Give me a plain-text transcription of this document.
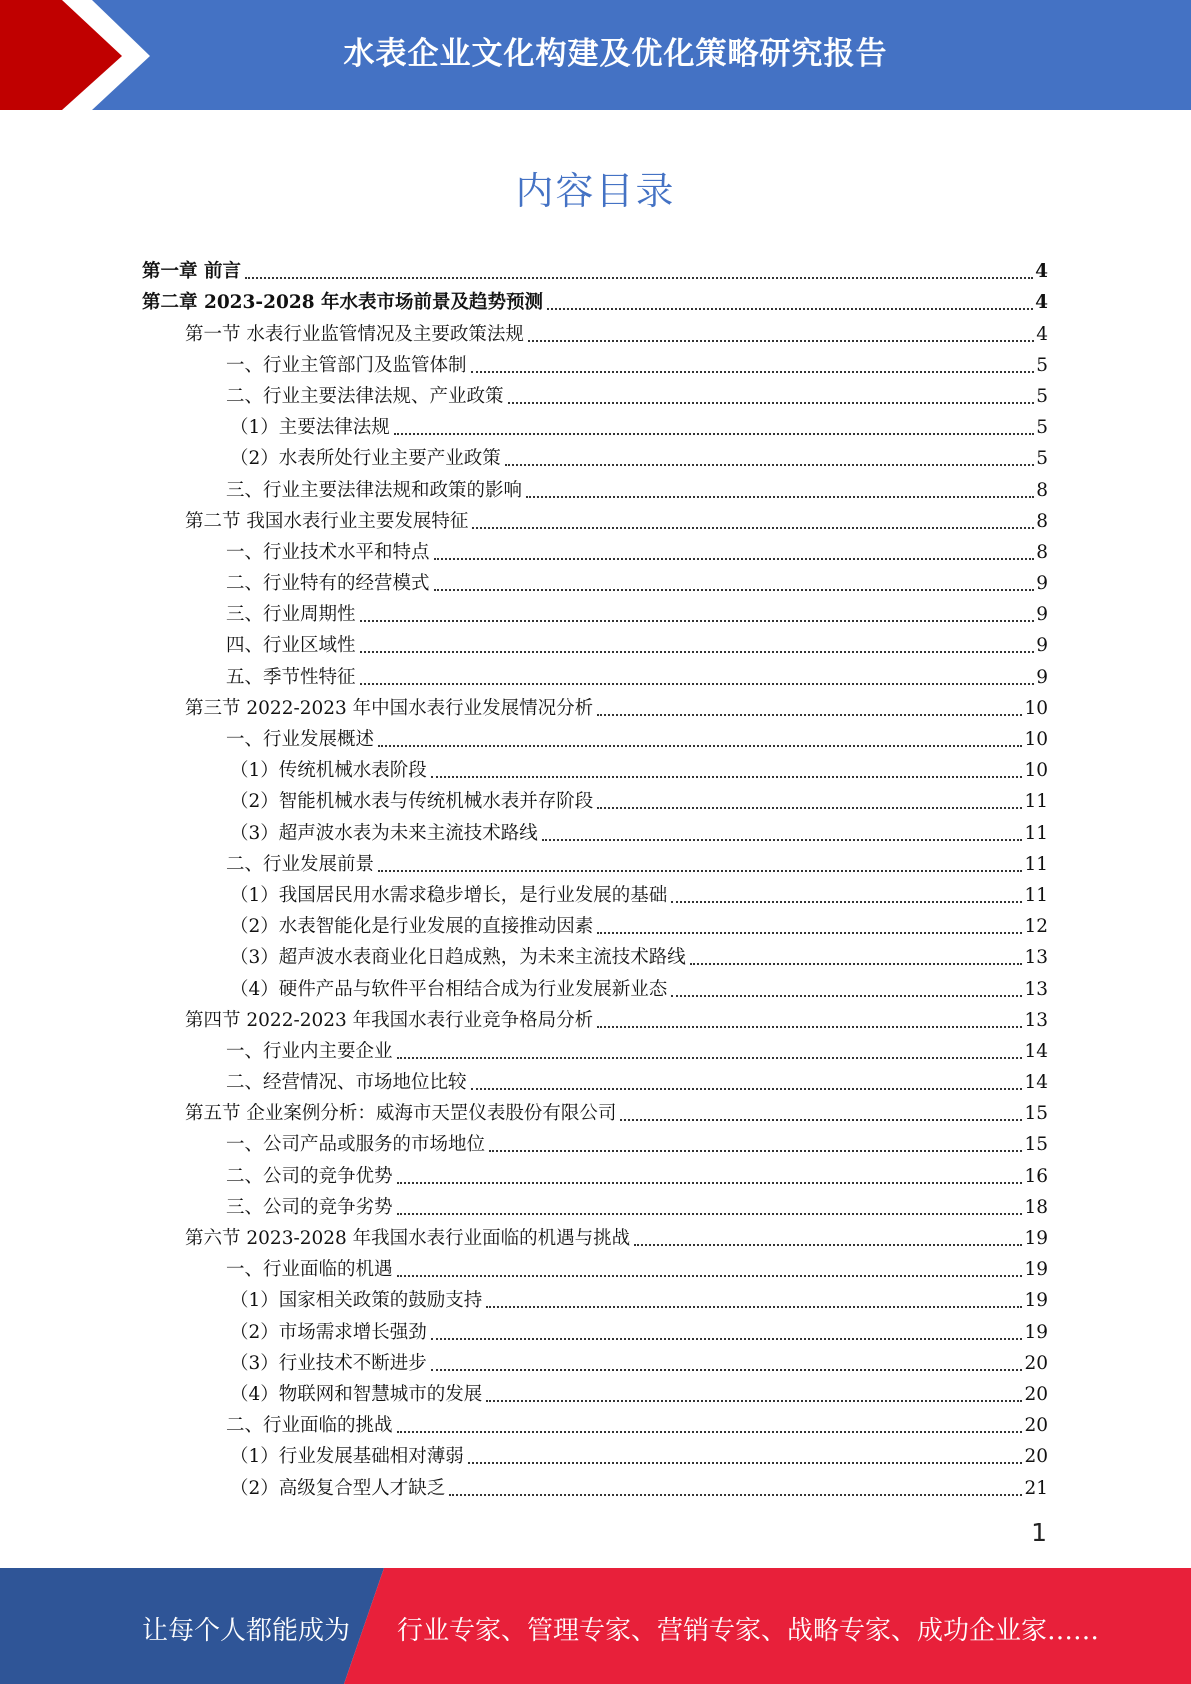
水表企业文化构建及优化策略研究报告
内容目录
第一章 前言	4
第二章 2023-2028 年水表市场前景及趋势预测	4
第一节 水表行业监管情况及主要政策法规	4
一、行业主管部门及监管体制	5
二、行业主要法律法规、产业政策	5
（1）主要法律法规	5
（2）水表所处行业主要产业政策	5
三、行业主要法律法规和政策的影响	8
第二节 我国水表行业主要发展特征	8
一、行业技术水平和特点	8
二、行业特有的经营模式	9
三、行业周期性	9
四、行业区域性	9
五、季节性特征	9
第三节 2022-2023 年中国水表行业发展情况分析	10
一、行业发展概述	10
（1）传统机械水表阶段	10
（2）智能机械水表与传统机械水表并存阶段	11
（3）超声波水表为未来主流技术路线	11
二、行业发展前景	11
（1）我国居民用水需求稳步增长，是行业发展的基础	11
（2）水表智能化是行业发展的直接推动因素	12
（3）超声波水表商业化日趋成熟，为未来主流技术路线	13
（4）硬件产品与软件平台相结合成为行业发展新业态	13
第四节 2022-2023 年我国水表行业竞争格局分析	13
一、行业内主要企业	14
二、经营情况、市场地位比较	14
第五节 企业案例分析：威海市天罡仪表股份有限公司	15
一、公司产品或服务的市场地位	15
二、公司的竞争优势	16
三、公司的竞争劣势	18
第六节 2023-2028 年我国水表行业面临的机遇与挑战	19
一、行业面临的机遇	19
（1）国家相关政策的鼓励支持	19
（2）市场需求增长强劲	19
（3）行业技术不断进步	20
（4）物联网和智慧城市的发展	20
二、行业面临的挑战	20
（1）行业发展基础相对薄弱	20
（2）高级复合型人才缺乏	21
1
让每个人都能成为 行业专家、管理专家、营销专家、战略专家、成功企业家……
